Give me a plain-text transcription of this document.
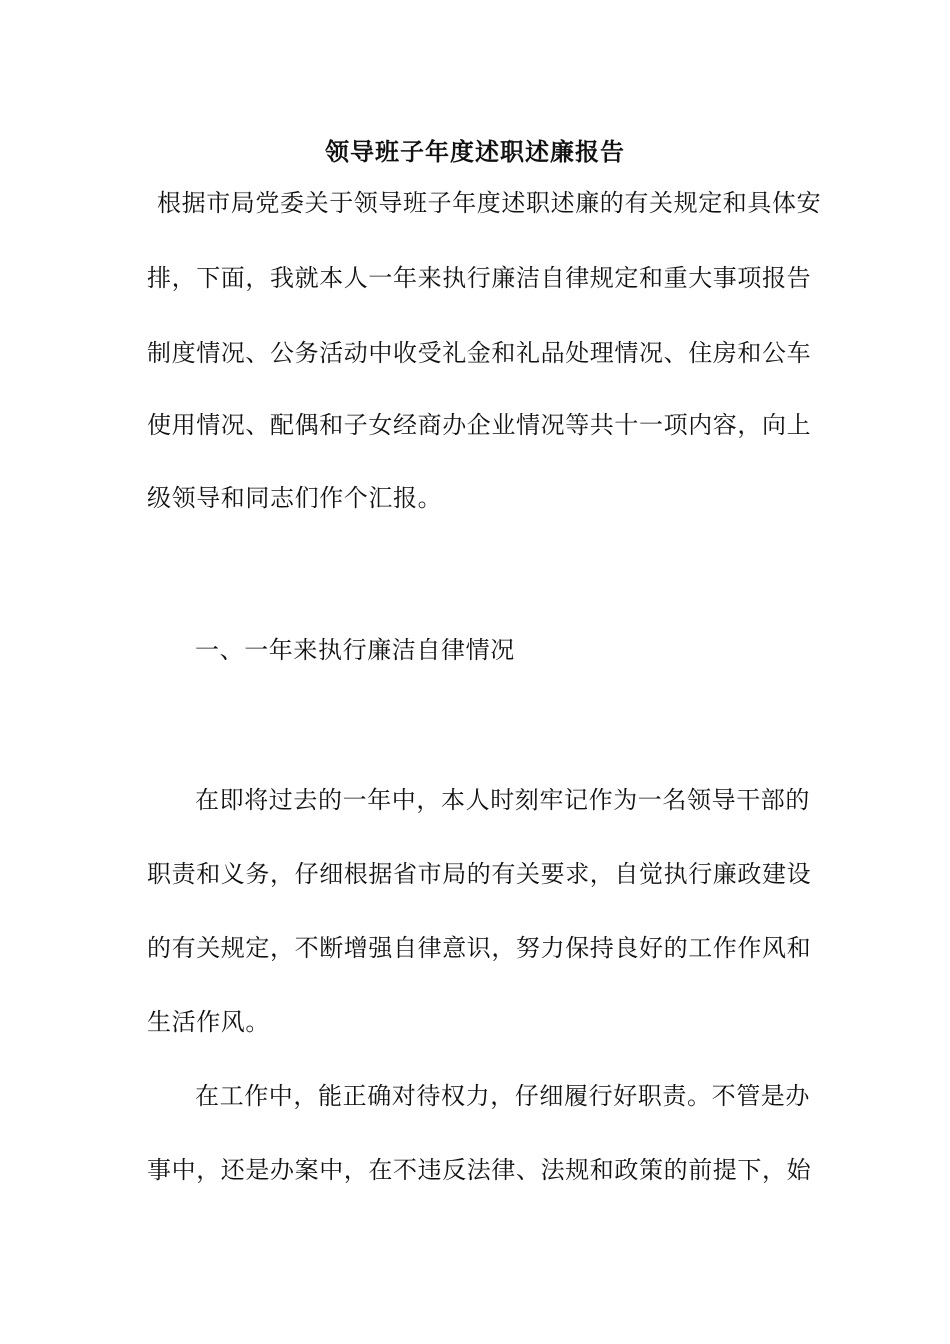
领导班子年度述职述廉报告

根据市局党委关于领导班子年度述职述廉的有关规定和具体安

排，下面，我就本人一年来执行廉洁自律规定和重大事项报告

制度情况、公务活动中收受礼金和礼品处理情况、住房和公车

使用情况、配偶和子女经商办企业情况等共十一项内容，向上

级领导和同志们作个汇报。

一、一年来执行廉洁自律情况

在即将过去的一年中，本人时刻牢记作为一名领导干部的

职责和义务，仔细根据省市局的有关要求，自觉执行廉政建设

的有关规定，不断增强自律意识，努力保持良好的工作作风和

生活作风。

在工作中，能正确对待权力，仔细履行好职责。不管是办

事中，还是办案中，在不违反法律、法规和政策的前提下，始
